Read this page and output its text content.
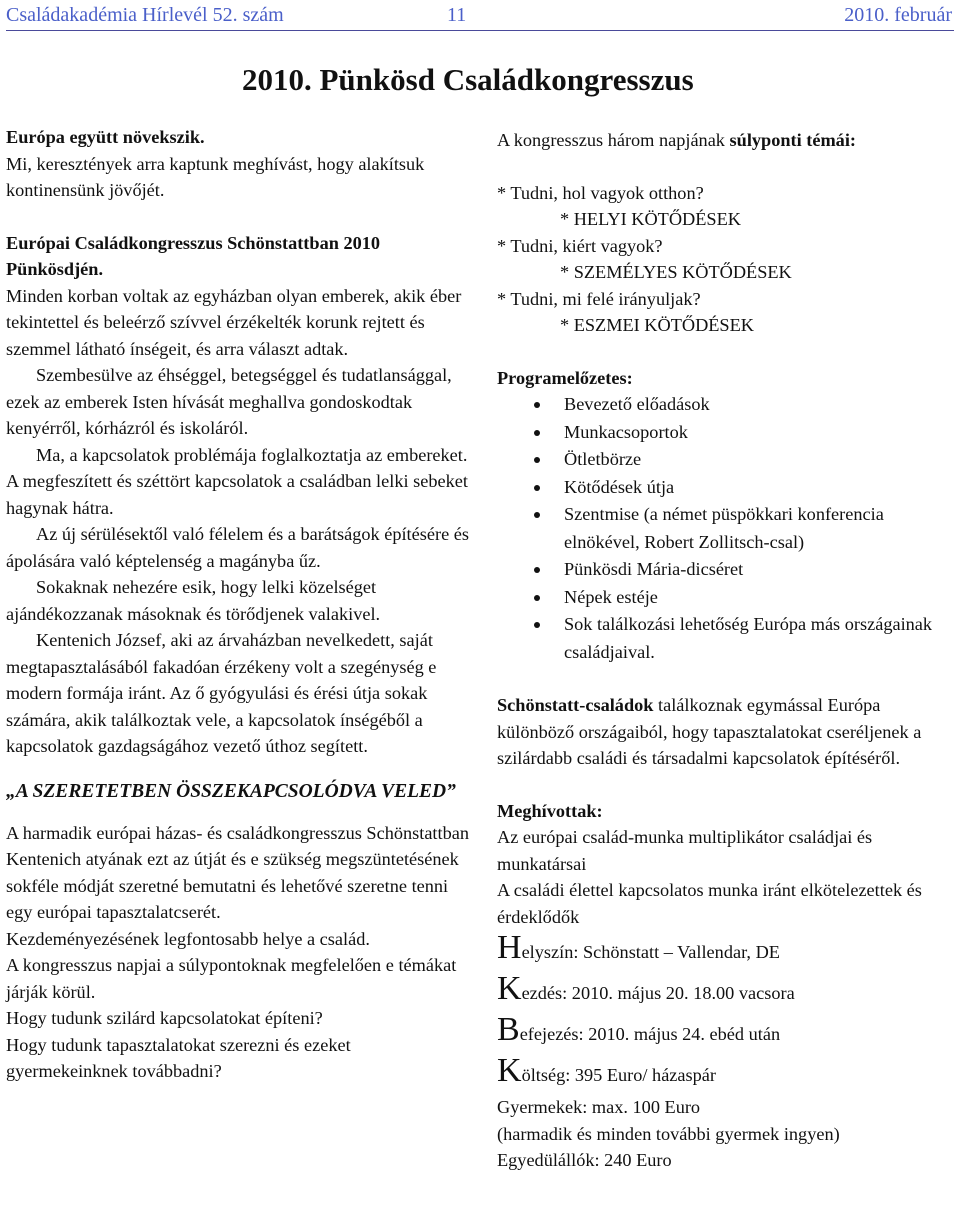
Családakadémia Hírlevél 52. szám	11	2010. február
2010. Pünkösd Családkongresszus

Európa együtt növekszik.

Mi, keresztények arra kaptunk meghívást, hogy alakítsuk kontinensünk jövőjét.

Európai Családkongresszus Schönstattban 2010 Pünkösdjén.

Minden korban voltak az egyházban olyan emberek, akik éber tekintettel és beleérző szívvel érzékelték korunk rejtett és szemmel látható ínségeit, és arra választ adtak.

Szembesülve az éhséggel, betegséggel és tudatlansággal, ezek az emberek Isten hívását meghallva gondoskodtak kenyérről, kórházról és iskoláról.

Ma, a kapcsolatok problémája foglalkoztatja az embereket. A megfeszített és széttört kapcsolatok a családban lelki sebeket hagynak hátra.

Az új sérülésektől való félelem és a barátságok építésére és ápolására való képtelenség a magányba űz.

Sokaknak nehezére esik, hogy lelki közelséget ajándékozzanak másoknak és törődjenek valakivel.

Kentenich József, aki az árvaházban nevelkedett, saját megtapasztalásából fakadóan érzékeny volt a szegénység e modern formája iránt. Az ő gyógyulási és érési útja sokak számára, akik találkoztak vele, a kapcsolatok ínségéből a kapcsolatok gazdagságához vezető úthoz segített.

„A SZERETETBEN ÖSSZEKAPCSOLÓDVA VELED”

A harmadik európai házas- és családkongresszus Schönstattban Kentenich atyának ezt az útját és e szükség megszüntetésének sokféle módját szeretné bemutatni és lehetővé szeretne tenni egy európai tapasztalatcserét.

Kezdeményezésének legfontosabb helye a család.

A kongresszus napjai a súlypontoknak megfelelően e témákat járják körül.

Hogy tudunk szilárd kapcsolatokat építeni?

Hogy tudunk tapasztalatokat szerezni és ezeket gyermekeinknek továbbadni?

A kongresszus három napjának súlyponti témái:

* Tudni, hol vagyok otthon?

* HELYI KÖTŐDÉSEK

* Tudni, kiért vagyok?

* SZEMÉLYES KÖTŐDÉSEK

* Tudni, mi felé irányuljak?

* ESZMEI KÖTŐDÉSEK

Programelőzetes:

Bevezető előadások
Munkacsoportok
Ötletbörze
Kötődések útja
Szentmise (a német püspökkari konferencia elnökével, Robert Zollitsch-csal)
Pünkösdi Mária-dicséret
Népek estéje
Sok találkozási lehetőség Európa más országainak családjaival.

Schönstatt-családok találkoznak egymással Európa különböző országaiból, hogy tapasztalatokat cseréljenek a szilárdabb családi és társadalmi kapcsolatok építéséről.

Meghívottak:

Az európai család-munka multiplikátor családjai és munkatársai

A családi élettel kapcsolatos munka iránt elkötelezettek és érdeklődők

Helyszín: Schönstatt – Vallendar, DE

Kezdés: 2010. május 20. 18.00 vacsora

Befejezés: 2010. május 24. ebéd után

Költség: 395 Euro/ házaspár

Gyermekek: max. 100 Euro

(harmadik és minden további gyermek ingyen)

Egyedülállók: 240 Euro
